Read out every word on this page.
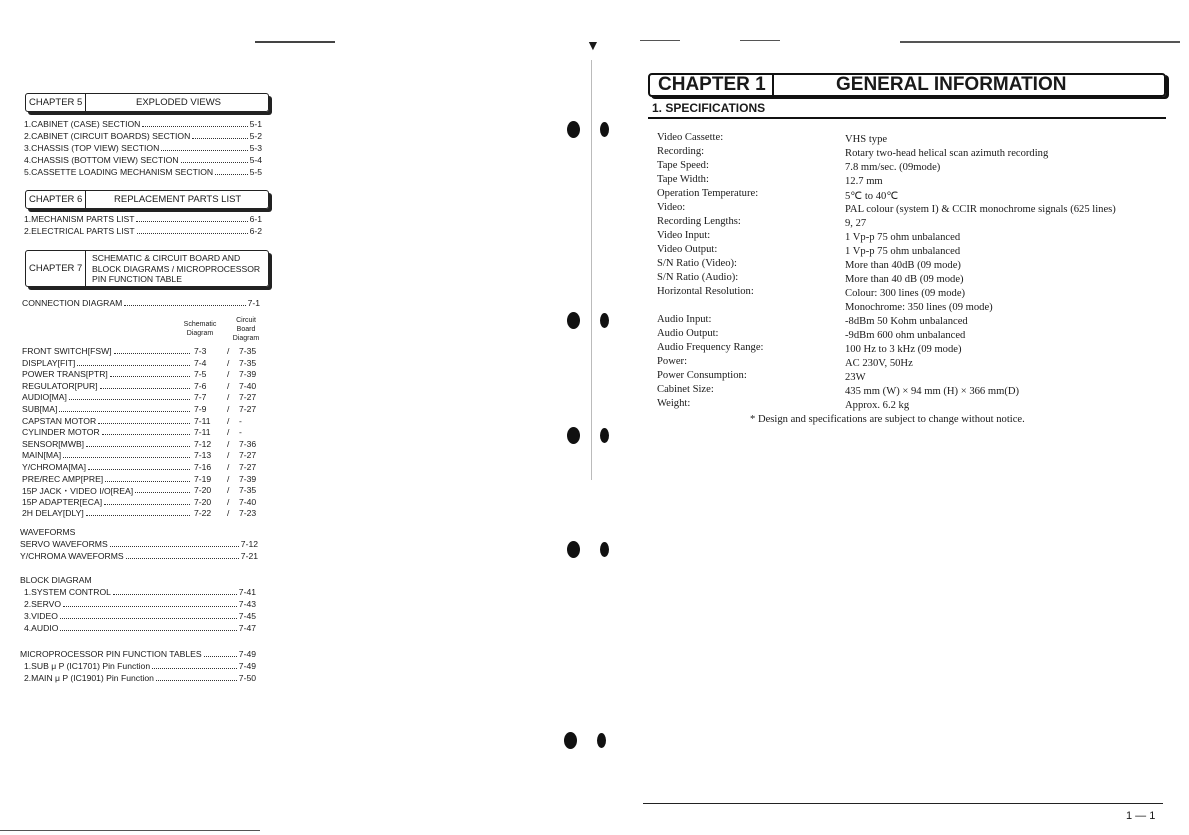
▼
CHAPTER 5	EXPLODED VIEWS
1.CABINET (CASE) SECTION	5-1
2.CABINET (CIRCUIT BOARDS) SECTION	5-2
3.CHASSIS (TOP VIEW) SECTION	5-3
4.CHASSIS (BOTTOM VIEW) SECTION	5-4
5.CASSETTE LOADING MECHANISM SECTION	5-5
CHAPTER 6	REPLACEMENT PARTS LIST
1.MECHANISM PARTS LIST	6-1
2.ELECTRICAL PARTS LIST	6-2
CHAPTER 7
SCHEMATIC & CIRCUIT BOARD AND
BLOCK DIAGRAMS / MICROPROCESSOR
PIN FUNCTION TABLE
CONNECTION DIAGRAM	7-1
Schematic
Diagram
Circuit
Board
Diagram
FRONT SWITCH[FSW]	7-3 / 7-35
DISPLAY[FIT]	7-4 / 7-35
POWER TRANS[PTR]	7-5 / 7-39
REGULATOR[PUR]	7-6 / 7-40
AUDIO[MA]	7-7 / 7-27
SUB[MA]	7-9 / 7-27
CAPSTAN MOTOR	7-11 / -
CYLINDER MOTOR	7-11 / -
SENSOR[MWB]	7-12 / 7-36
MAIN[MA]	7-13 / 7-27
Y/CHROMA[MA]	7-16 / 7-27
PRE/REC AMP[PRE]	7-19 / 7-39
15P JACK・VIDEO I/O[REA]	7-20 / 7-35
15P ADAPTER[ECA]	7-20 / 7-40
2H DELAY[DLY]	7-22 / 7-23
WAVEFORMS
SERVO WAVEFORMS	7-12
Y/CHROMA WAVEFORMS	7-21
BLOCK DIAGRAM
1.SYSTEM CONTROL	7-41
2.SERVO	7-43
3.VIDEO	7-45
4.AUDIO	7-47
MICROPROCESSOR PIN FUNCTION TABLES	7-49
1.SUB μ P (IC1701) Pin Function	7-49
2.MAIN μ P (IC1901) Pin Function	7-50
CHAPTER 1	GENERAL INFORMATION
1. SPECIFICATIONS
Video Cassette:	VHS type
Recording:	Rotary two-head helical scan azimuth recording
Tape Speed:	7.8 mm/sec. (09mode)
Tape Width:	12.7 mm
Operation Temperature:	5℃ to 40℃
Video:	PAL colour (system I) & CCIR monochrome signals (625 lines)
Recording Lengths:	9, 27
Video Input:	1 Vp-p 75 ohm unbalanced
Video Output:	1 Vp-p 75 ohm unbalanced
S/N Ratio (Video):	More than 40dB (09 mode)
S/N Ratio (Audio):	More than 40 dB (09 mode)
Horizontal Resolution:	Colour: 300 lines (09 mode)
Monochrome: 350 lines (09 mode)
Audio Input:	-8dBm 50 Kohm unbalanced
Audio Output:	-9dBm 600 ohm unbalanced
Audio Frequency Range:	100 Hz to 3 kHz (09 mode)
Power:	AC 230V, 50Hz
Power Consumption:	23W
Cabinet Size:	435 mm (W) × 94 mm (H) × 366 mm(D)
Weight:	Approx. 6.2 kg
* Design and specifications are subject to change without notice.
1 — 1
